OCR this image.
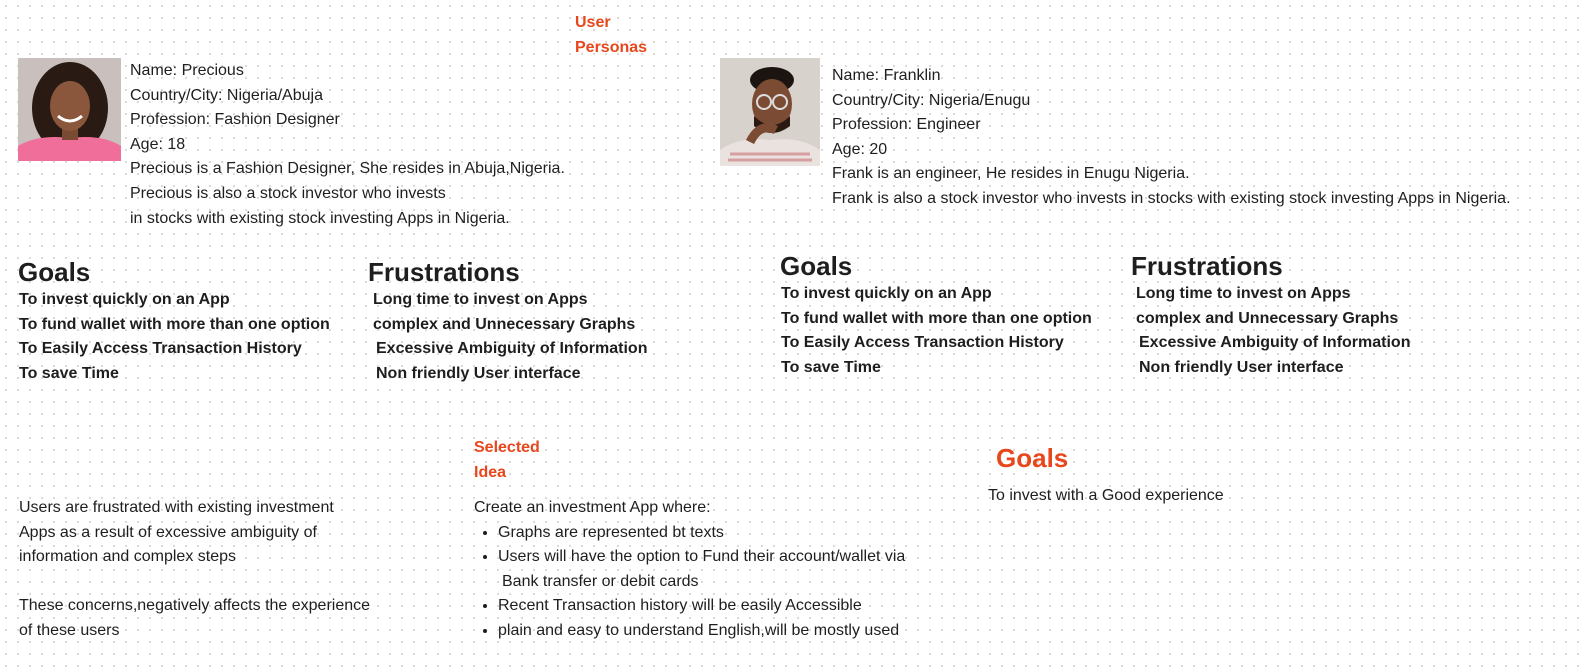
User Personas
Name: Precious
Country/City: Nigeria/Abuja
Profession: Fashion Designer
Age: 18
Precious is a Fashion Designer, She resides in Abuja,Nigeria.
Precious is also a stock investor who invests
in stocks with existing stock investing Apps in Nigeria.
Name: Franklin
Country/City: Nigeria/Enugu
Profession: Engineer
Age: 20
Frank is an engineer, He resides in Enugu Nigeria.
Frank is also a stock investor who invests in stocks with existing stock investing Apps in Nigeria.
Goals
To invest quickly on an App
To fund wallet with more than one option
To Easily Access Transaction History
To save Time
Frustrations
Long time to invest on Apps
complex and Unnecessary Graphs
Excessive Ambiguity of Information
Non friendly User interface
Goals
To invest quickly on an App
To fund wallet with more than one option
To Easily Access Transaction History
To save Time
Frustrations
Long time to invest on Apps
complex and Unnecessary Graphs
Excessive Ambiguity of Information
Non friendly User interface
Users are frustrated with existing investment
Apps as a result of excessive ambiguity of
information and complex steps
These concerns,negatively affects the experience
of these users
Selected Idea
Create an investment App where:
• Graphs are represented bt texts
• Users will have the option to Fund their account/wallet via
Bank transfer or debit cards
• Recent Transaction history will be easily Accessible
• plain and easy to understand English,will be mostly used
Goals
To invest with a Good experience
